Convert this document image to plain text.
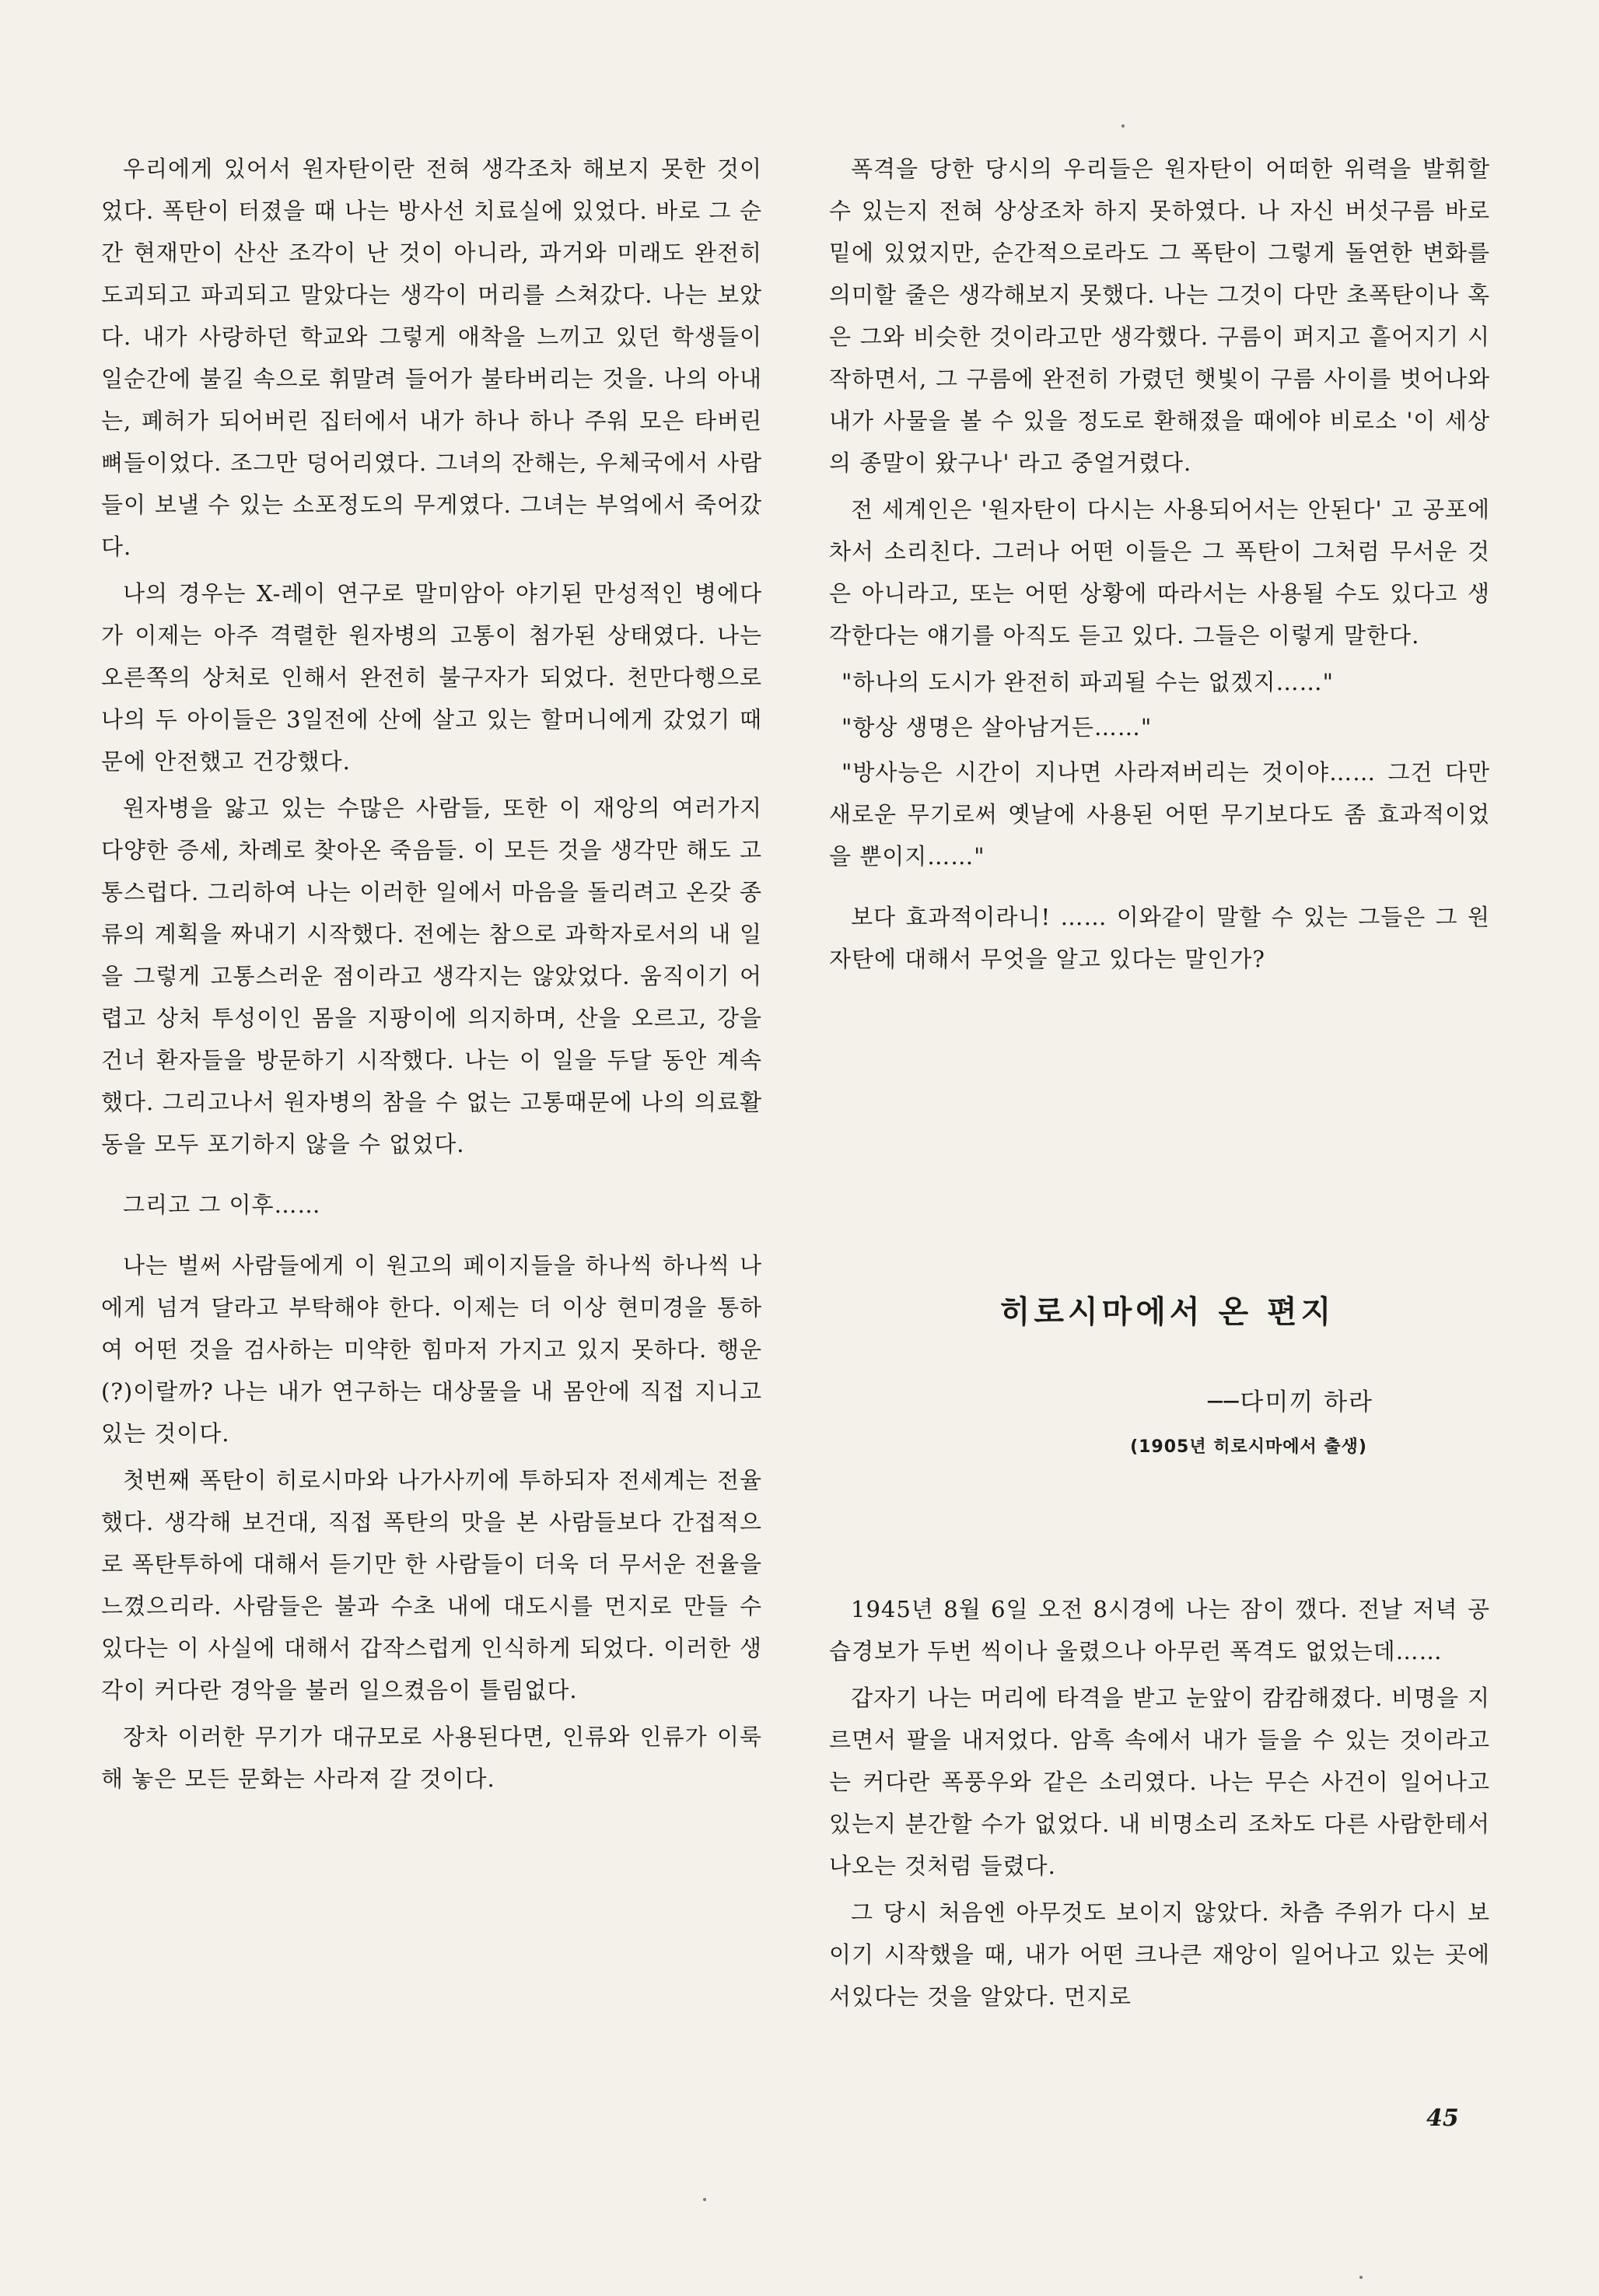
우리에게 있어서 원자탄이란 전혀 생각조차 해보지 못한 것이었다. 폭탄이 터졌을 때 나는 방사선 치료실에 있었다. 바로 그 순간 현재만이 산산 조각이 난 것이 아니라, 과거와 미래도 완전히 도괴되고 파괴되고 말았다는 생각이 머리를 스쳐갔다. 나는 보았다. 내가 사랑하던 학교와 그렇게 애착을 느끼고 있던 학생들이 일순간에 불길 속으로 휘말려 들어가 불타버리는 것을. 나의 아내는, 폐허가 되어버린 집터에서 내가 하나 하나 주워 모은 타버린 뼈들이었다. 조그만 덩어리였다. 그녀의 잔해는, 우체국에서 사람들이 보낼 수 있는 소포정도의 무게였다. 그녀는 부엌에서 죽어갔다.

나의 경우는 X-레이 연구로 말미암아 야기된 만성적인 병에다가 이제는 아주 격렬한 원자병의 고통이 첨가된 상태였다. 나는 오른쪽의 상처로 인해서 완전히 불구자가 되었다. 천만다행으로 나의 두 아이들은 3일전에 산에 살고 있는 할머니에게 갔었기 때문에 안전했고 건강했다.

원자병을 앓고 있는 수많은 사람들, 또한 이 재앙의 여러가지 다양한 증세, 차례로 찾아온 죽음들. 이 모든 것을 생각만 해도 고통스럽다. 그리하여 나는 이러한 일에서 마음을 돌리려고 온갖 종류의 계획을 짜내기 시작했다. 전에는 참으로 과학자로서의 내 일을 그렇게 고통스러운 점이라고 생각지는 않았었다. 움직이기 어렵고 상처 투성이인 몸을 지팡이에 의지하며, 산을 오르고, 강을 건너 환자들을 방문하기 시작했다. 나는 이 일을 두달 동안 계속했다. 그리고나서 원자병의 참을 수 없는 고통때문에 나의 의료활동을 모두 포기하지 않을 수 없었다.

그리고 그 이후……

나는 벌써 사람들에게 이 원고의 페이지들을 하나씩 하나씩 나에게 넘겨 달라고 부탁해야 한다. 이제는 더 이상 현미경을 통하여 어떤 것을 검사하는 미약한 힘마저 가지고 있지 못하다. 행운(?)이랄까? 나는 내가 연구하는 대상물을 내 몸안에 직접 지니고 있는 것이다.

첫번째 폭탄이 히로시마와 나가사끼에 투하되자 전세계는 전율했다. 생각해 보건대, 직접 폭탄의 맛을 본 사람들보다 간접적으로 폭탄투하에 대해서 듣기만 한 사람들이 더욱 더 무서운 전율을 느꼈으리라. 사람들은 불과 수초 내에 대도시를 먼지로 만들 수 있다는 이 사실에 대해서 갑작스럽게 인식하게 되었다. 이러한 생각이 커다란 경악을 불러 일으켰음이 틀림없다.

장차 이러한 무기가 대규모로 사용된다면, 인류와 인류가 이룩해 놓은 모든 문화는 사라져 갈 것이다.

폭격을 당한 당시의 우리들은 원자탄이 어떠한 위력을 발휘할 수 있는지 전혀 상상조차 하지 못하였다. 나 자신 버섯구름 바로 밑에 있었지만, 순간적으로라도 그 폭탄이 그렇게 돌연한 변화를 의미할 줄은 생각해보지 못했다. 나는 그것이 다만 초폭탄이나 혹은 그와 비슷한 것이라고만 생각했다. 구름이 퍼지고 흩어지기 시작하면서, 그 구름에 완전히 가렸던 햇빛이 구름 사이를 벗어나와 내가 사물을 볼 수 있을 정도로 환해졌을 때에야 비로소 '이 세상의 종말이 왔구나' 라고 중얼거렸다.

전 세계인은 '원자탄이 다시는 사용되어서는 안된다' 고 공포에 차서 소리친다. 그러나 어떤 이들은 그 폭탄이 그처럼 무서운 것은 아니라고, 또는 어떤 상황에 따라서는 사용될 수도 있다고 생각한다는 얘기를 아직도 듣고 있다. 그들은 이렇게 말한다.

"하나의 도시가 완전히 파괴될 수는 없겠지……"

"항상 생명은 살아남거든……"

"방사능은 시간이 지나면 사라져버리는 것이야…… 그건 다만 새로운 무기로써 옛날에 사용된 어떤 무기보다도 좀 효과적이었을 뿐이지……"

보다 효과적이라니! …… 이와같이 말할 수 있는 그들은 그 원자탄에 대해서 무엇을 알고 있다는 말인가?

히로시마에서 온 편지
──다미끼 하라
(1905년 히로시마에서 출생)

1945년 8월 6일 오전 8시경에 나는 잠이 깼다. 전날 저녁 공습경보가 두번 씩이나 울렸으나 아무런 폭격도 없었는데……

갑자기 나는 머리에 타격을 받고 눈앞이 캄캄해졌다. 비명을 지르면서 팔을 내저었다. 암흑 속에서 내가 들을 수 있는 것이라고는 커다란 폭풍우와 같은 소리였다. 나는 무슨 사건이 일어나고 있는지 분간할 수가 없었다. 내 비명소리 조차도 다른 사람한테서 나오는 것처럼 들렸다.

그 당시 처음엔 아무것도 보이지 않았다. 차츰 주위가 다시 보이기 시작했을 때, 내가 어떤 크나큰 재앙이 일어나고 있는 곳에 서있다는 것을 알았다. 먼지로

45
